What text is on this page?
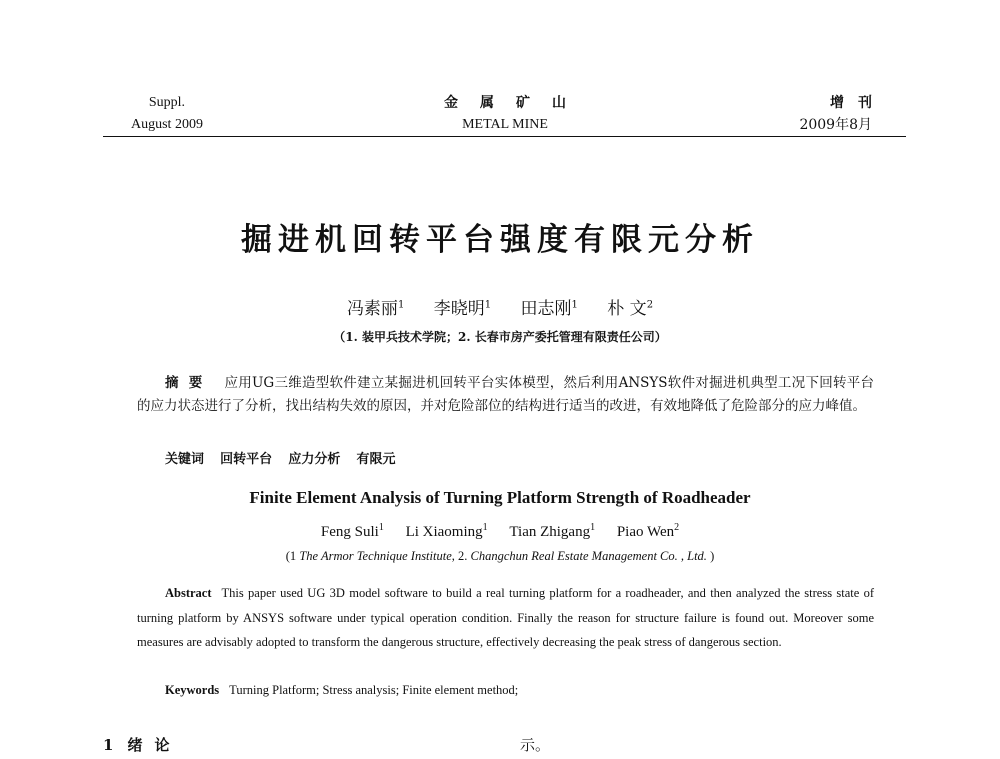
Suppl.
August 2009
金属矿山
METAL MINE
增刊
2009年8月
掘进机回转平台强度有限元分析
冯素丽$^1$ 李晓明$^1$ 田志刚$^1$ 朴 文$^2$
（1. 装甲兵技术学院；2. 长春市房产委托管理有限责任公司）
摘要 应用UG三维造型软件建立某掘进机回转平台实体模型，然后利用ANSYS软件对掘进机典型工况下回转平台的应力状态进行了分析，找出结构失效的原因，并对危险部位的结构进行适当的改进，有效地降低了危险部分的应力峰值。
关键词 回转平台 应力分析 有限元
Finite Element Analysis of Turning Platform Strength of Roadheader
Feng Suli$^1$ Li Xiaoming$^1$ Tian Zhigang$^1$ Piao Wen$^2$
(1 The Armor Technique Institute, 2. Changchun Real Estate Management Co. , Ltd. )
Abstract This paper used UG 3D model software to build a real turning platform for a roadheader, and then analyzed the stress state of turning platform by ANSYS software under typical operation condition. Finally the reason for structure failure is found out. Moreover some measures are advisably adopted to transform the dangerous structure, effectively decreasing the peak stress of dangerous section.
Keywords Turning Platform; Stress analysis; Finite element method;
1 绪论	示。
